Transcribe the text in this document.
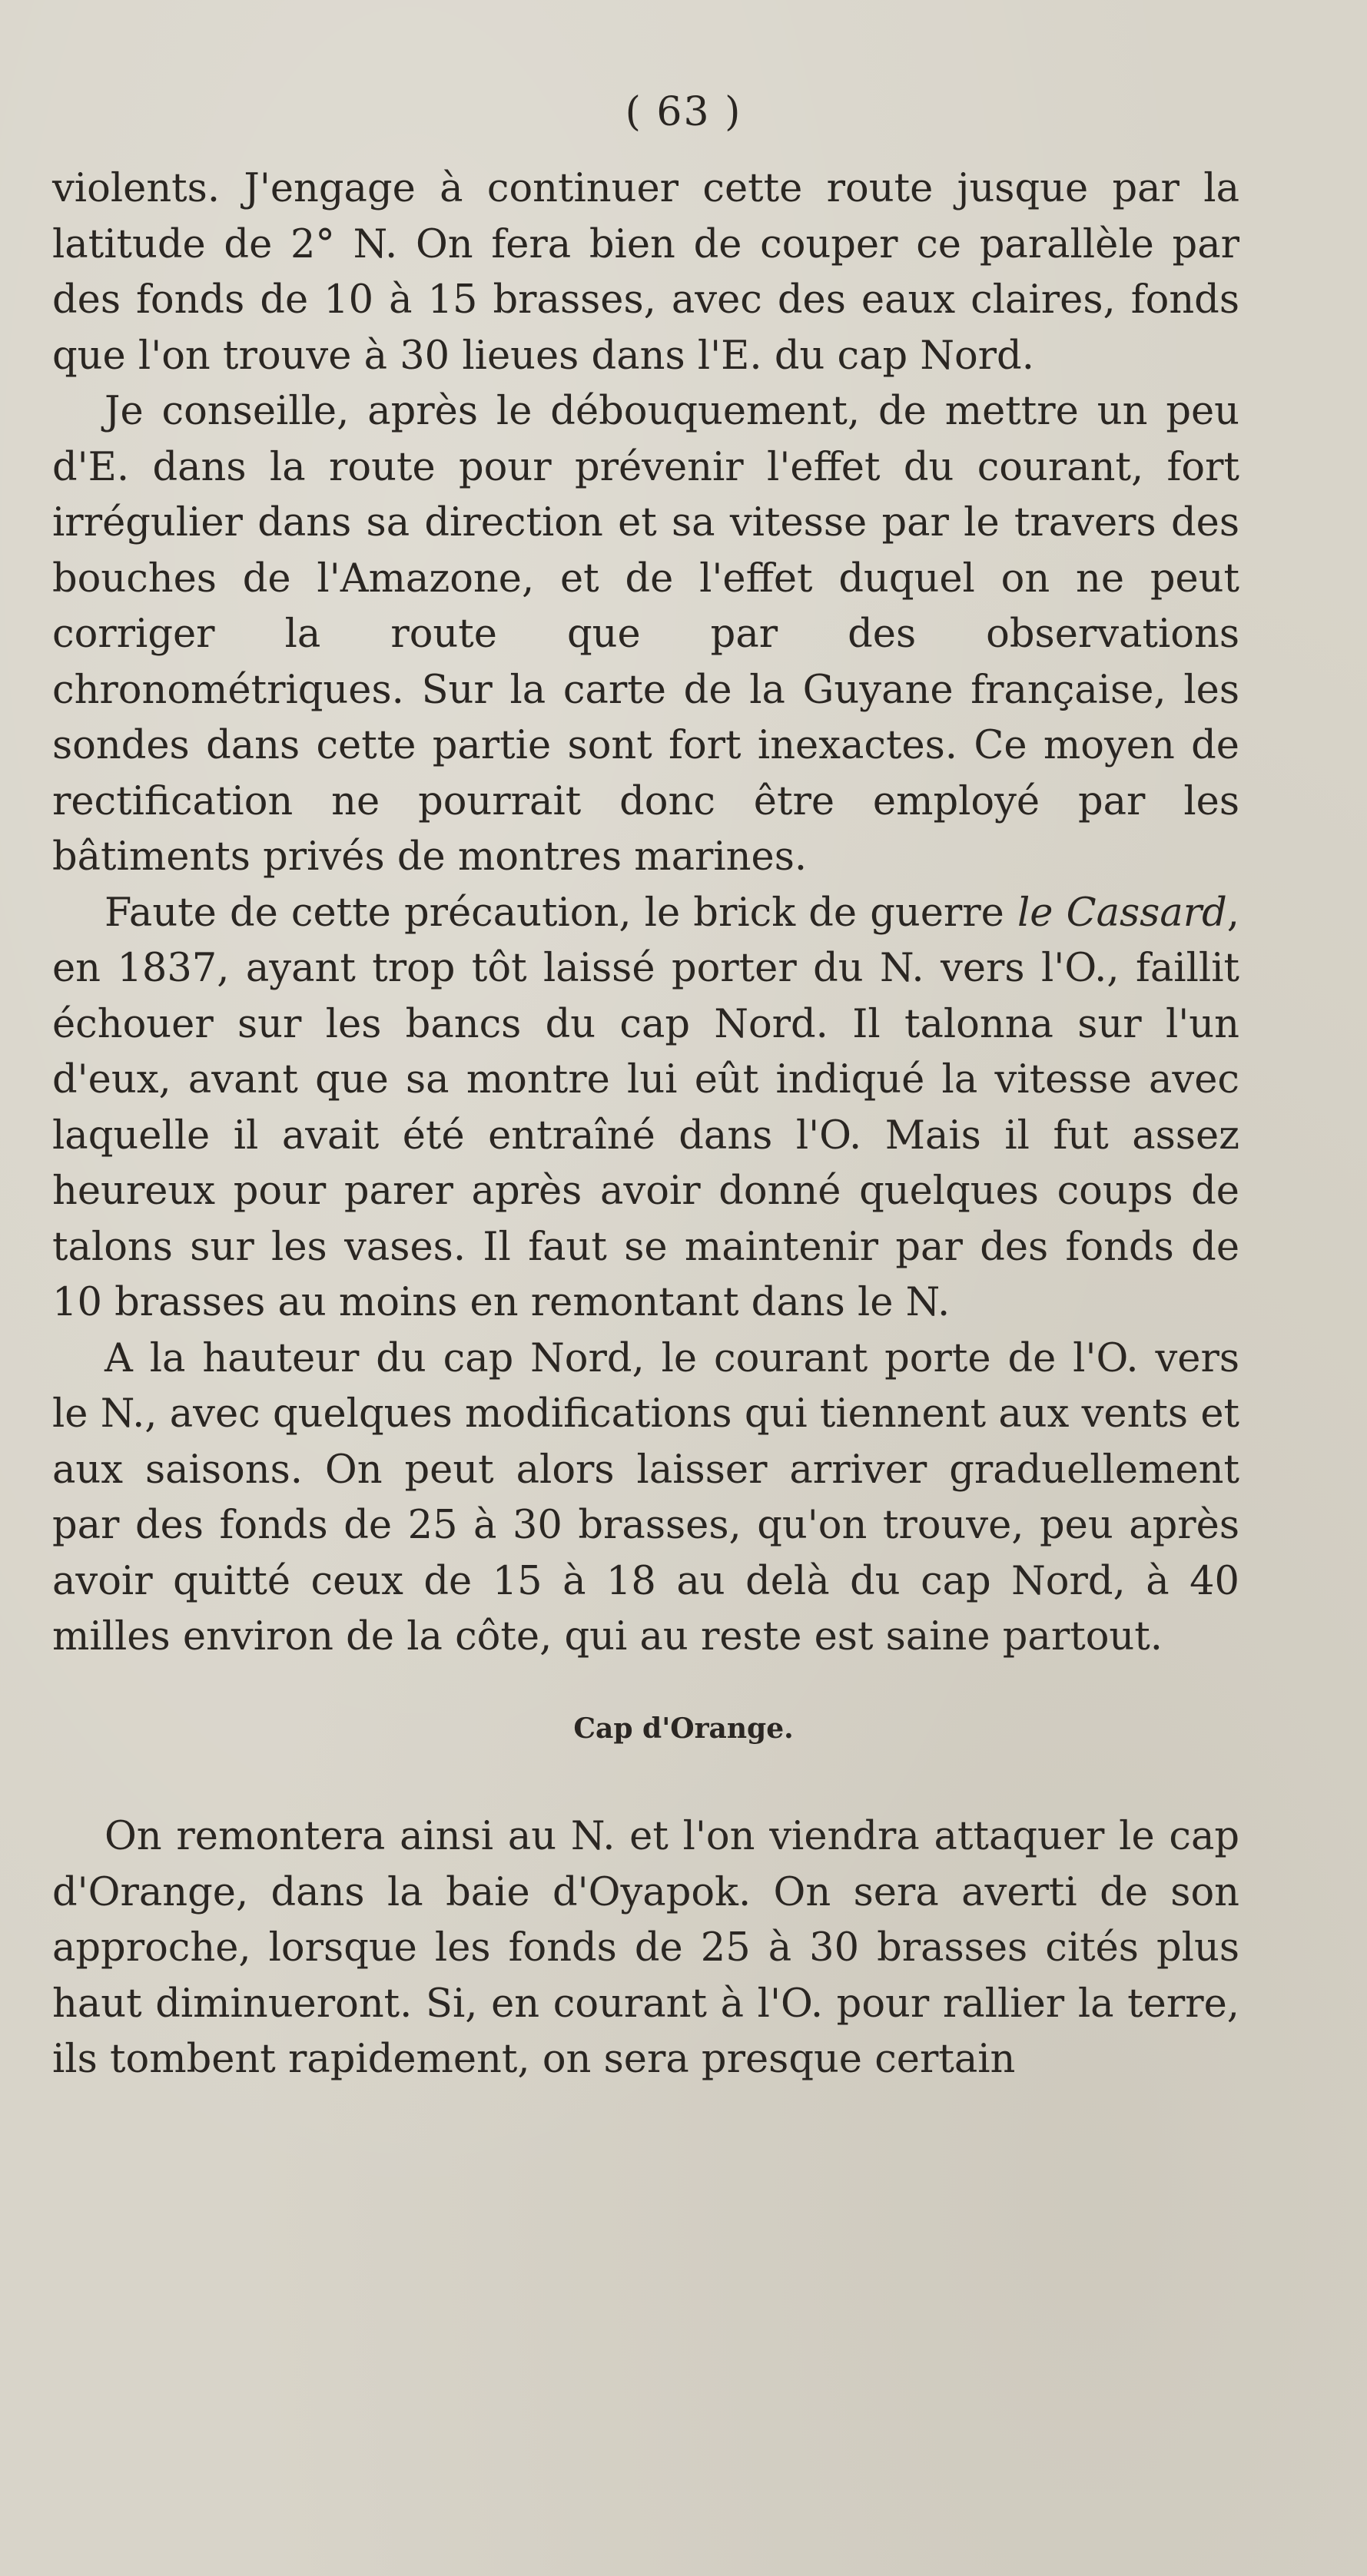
( 63 )

violents. J'engage à continuer cette route jusque par la latitude de 2° N. On fera bien de couper ce parallèle par des fonds de 10 à 15 brasses, avec des eaux claires, fonds que l'on trouve à 30 lieues dans l'E. du cap Nord.

Je conseille, après le débouquement, de mettre un peu d'E. dans la route pour prévenir l'effet du courant, fort irrégulier dans sa direction et sa vitesse par le travers des bouches de l'Amazone, et de l'effet duquel on ne peut corriger la route que par des observations chronométriques. Sur la carte de la Guyane française, les sondes dans cette partie sont fort inexactes. Ce moyen de rectification ne pourrait donc être employé par les bâtiments privés de montres marines.

Faute de cette précaution, le brick de guerre le Cassard, en 1837, ayant trop tôt laissé porter du N. vers l'O., faillit échouer sur les bancs du cap Nord. Il talonna sur l'un d'eux, avant que sa montre lui eût indiqué la vitesse avec laquelle il avait été entraîné dans l'O. Mais il fut assez heureux pour parer après avoir donné quelques coups de talons sur les vases. Il faut se maintenir par des fonds de 10 brasses au moins en remontant dans le N.

A la hauteur du cap Nord, le courant porte de l'O. vers le N., avec quelques modifications qui tiennent aux vents et aux saisons. On peut alors laisser arriver graduellement par des fonds de 25 à 30 brasses, qu'on trouve, peu après avoir quitté ceux de 15 à 18 au delà du cap Nord, à 40 milles environ de la côte, qui au reste est saine partout.

Cap d'Orange.

On remontera ainsi au N. et l'on viendra attaquer le cap d'Orange, dans la baie d'Oyapok. On sera averti de son approche, lorsque les fonds de 25 à 30 brasses cités plus haut diminueront. Si, en courant à l'O. pour rallier la terre, ils tombent rapidement, on sera presque certain
